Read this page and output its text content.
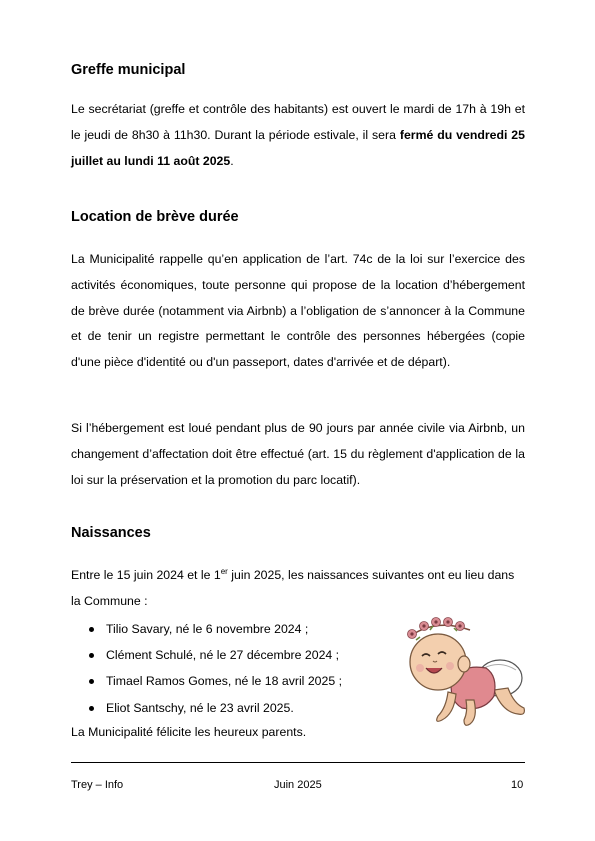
Greffe municipal

Le secrétariat (greffe et contrôle des habitants) est ouvert le mardi de 17h à 19h et le jeudi de 8h30 à 11h30. Durant la période estivale, il sera fermé du vendredi 25 juillet au lundi 11 août 2025.

Location de brève durée

La Municipalité rappelle qu’en application de l’art. 74c de la loi sur l’exercice des activités économiques, toute personne qui propose de la location d’hébergement de brève durée (notamment via Airbnb) a l’obligation de s’annoncer à la Commune et de tenir un registre permettant le contrôle des personnes hébergées (copie d'une pièce d'identité ou d'un passeport, dates d'arrivée et de départ).

Si l’hébergement est loué pendant plus de 90 jours par année civile via Airbnb, un changement d’affectation doit être effectué (art. 15 du règlement d'application de la loi sur la préservation et la promotion du parc locatif).

Naissances

Entre le 15 juin 2024 et le 1er juin 2025, les naissances suivantes ont eu lieu dans la Commune :

Tilio Savary, né le 6 novembre 2024 ;
Clément Schulé, né le 27 décembre 2024 ;
Timael Ramos Gomes, né le 18 avril 2025 ;
Eliot Santschy, né le 23 avril 2025.

La Municipalité félicite les heureux parents.

Trey – Info	Juin 2025	10
